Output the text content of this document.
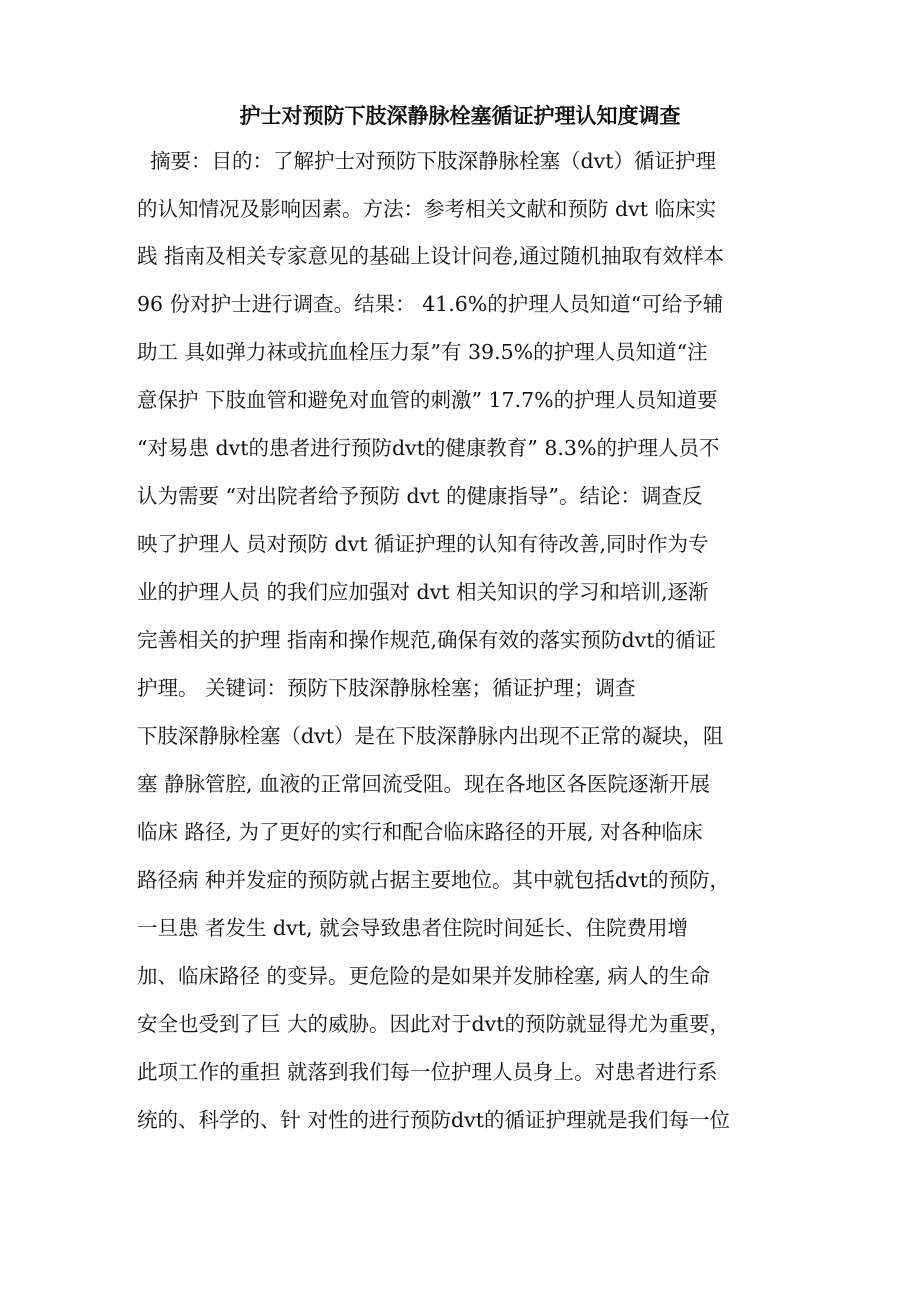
护士对预防下肢深静脉栓塞循证护理认知度调查
摘要：目的：了解护士对预防下肢深静脉栓塞（dvt）循证护理
的认知情况及影响因素。方法：参考相关文献和预防 dvt 临床实
践 指南及相关专家意见的基础上设计问卷,通过随机抽取有效样本
96 份对护士进行调查。结果： 41.6%的护理人员知道“可给予辅
助工 具如弹力袜或抗血栓压力泵”有 39.5%的护理人员知道“注
意保护 下肢血管和避免对血管的刺激” 17.7%的护理人员知道要
“对易患 dvt的患者进行预防dvt的健康教育” 8.3%的护理人员不
认为需要 “对出院者给予预防 dvt 的健康指导”。结论：调查反
映了护理人 员对预防 dvt 循证护理的认知有待改善,同时作为专
业的护理人员 的我们应加强对 dvt 相关知识的学习和培训,逐渐
完善相关的护理 指南和操作规范,确保有效的落实预防dvt的循证
护理。 关键词：预防下肢深静脉栓塞；循证护理；调查
下肢深静脉栓塞（dvt）是在下肢深静脉内出现不正常的凝块，阻
塞 静脉管腔, 血液的正常回流受阻。现在各地区各医院逐渐开展
临床 路径, 为了更好的实行和配合临床路径的开展, 对各种临床
路径病 种并发症的预防就占据主要地位。其中就包括dvt的预防，
一旦患 者发生 dvt, 就会导致患者住院时间延长、住院费用增
加、临床路径 的变异。更危险的是如果并发肺栓塞, 病人的生命
安全也受到了巨 大的威胁。因此对于dvt的预防就显得尤为重要，
此项工作的重担 就落到我们每一位护理人员身上。对患者进行系
统的、科学的、针 对性的进行预防dvt的循证护理就是我们每一位
